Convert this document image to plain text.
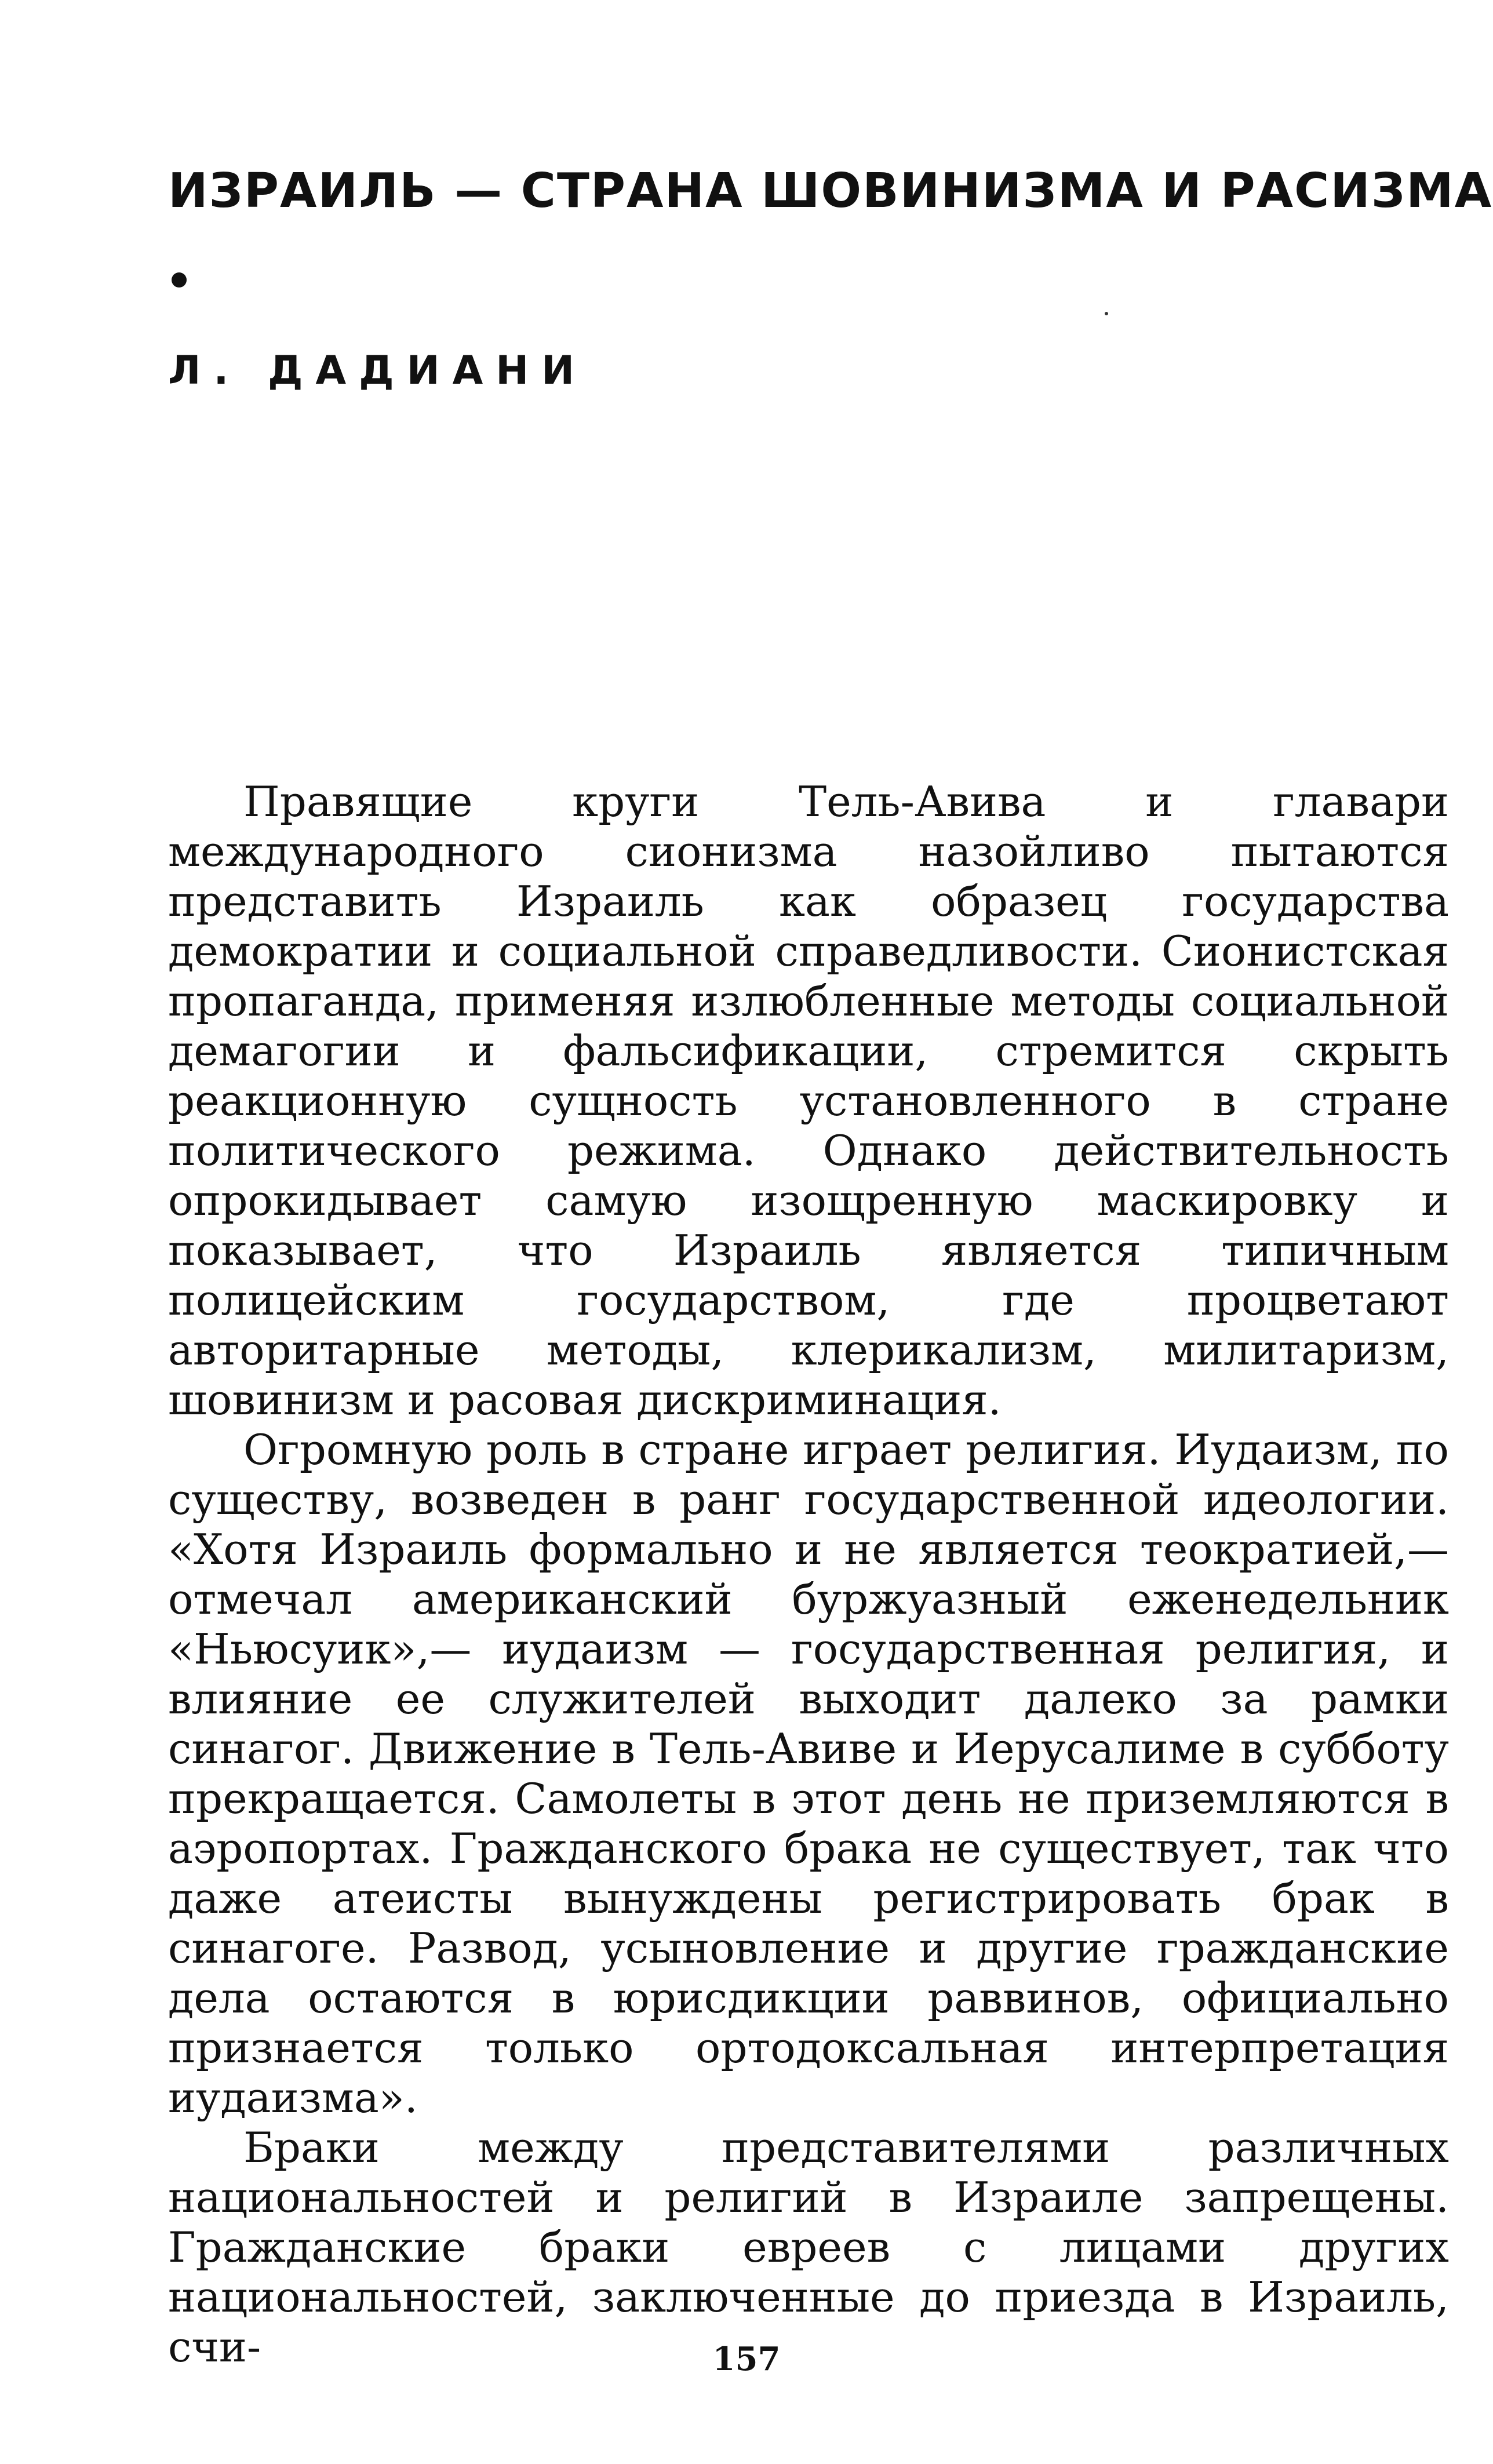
ИЗРАИЛЬ — СТРАНА ШОВИНИЗМА И РАСИЗМА
Л. ДАДИАНИ

Правящие круги Тель-Авива и главари международного сионизма назойливо пытаются представить Израиль как образец государства демократии и социальной справедливости. Сионистская пропаганда, применяя излюбленные методы социальной демагогии и фальсификации, стремится скрыть реакционную сущность установленного в стране политического режима. Однако действительность опрокидывает самую изощренную маскировку и показывает, что Израиль является типичным полицейским государством, где процветают авторитарные методы, клерикализм, милитаризм, шовинизм и расовая дискриминация.

Огромную роль в стране играет религия. Иудаизм, по существу, возведен в ранг государственной идеологии. «Хотя Израиль формально и не является теократией,— отмечал американский буржуазный еженедельник «Ньюсуик»,— иудаизм — государственная религия, и влияние ее служителей выходит далеко за рамки синагог. Движение в Тель-Авиве и Иерусалиме в субботу прекращается. Самолеты в этот день не приземляются в аэропортах. Гражданского брака не существует, так что даже атеисты вынуждены регистрировать брак в синагоге. Развод, усыновление и другие гражданские дела остаются в юрисдикции раввинов, официально признается только ортодоксальная интерпретация иудаизма».

Браки между представителями различных национальностей и религий в Израиле запрещены. Гражданские браки евреев с лицами других национальностей, заключенные до приезда в Израиль, счи-	157
